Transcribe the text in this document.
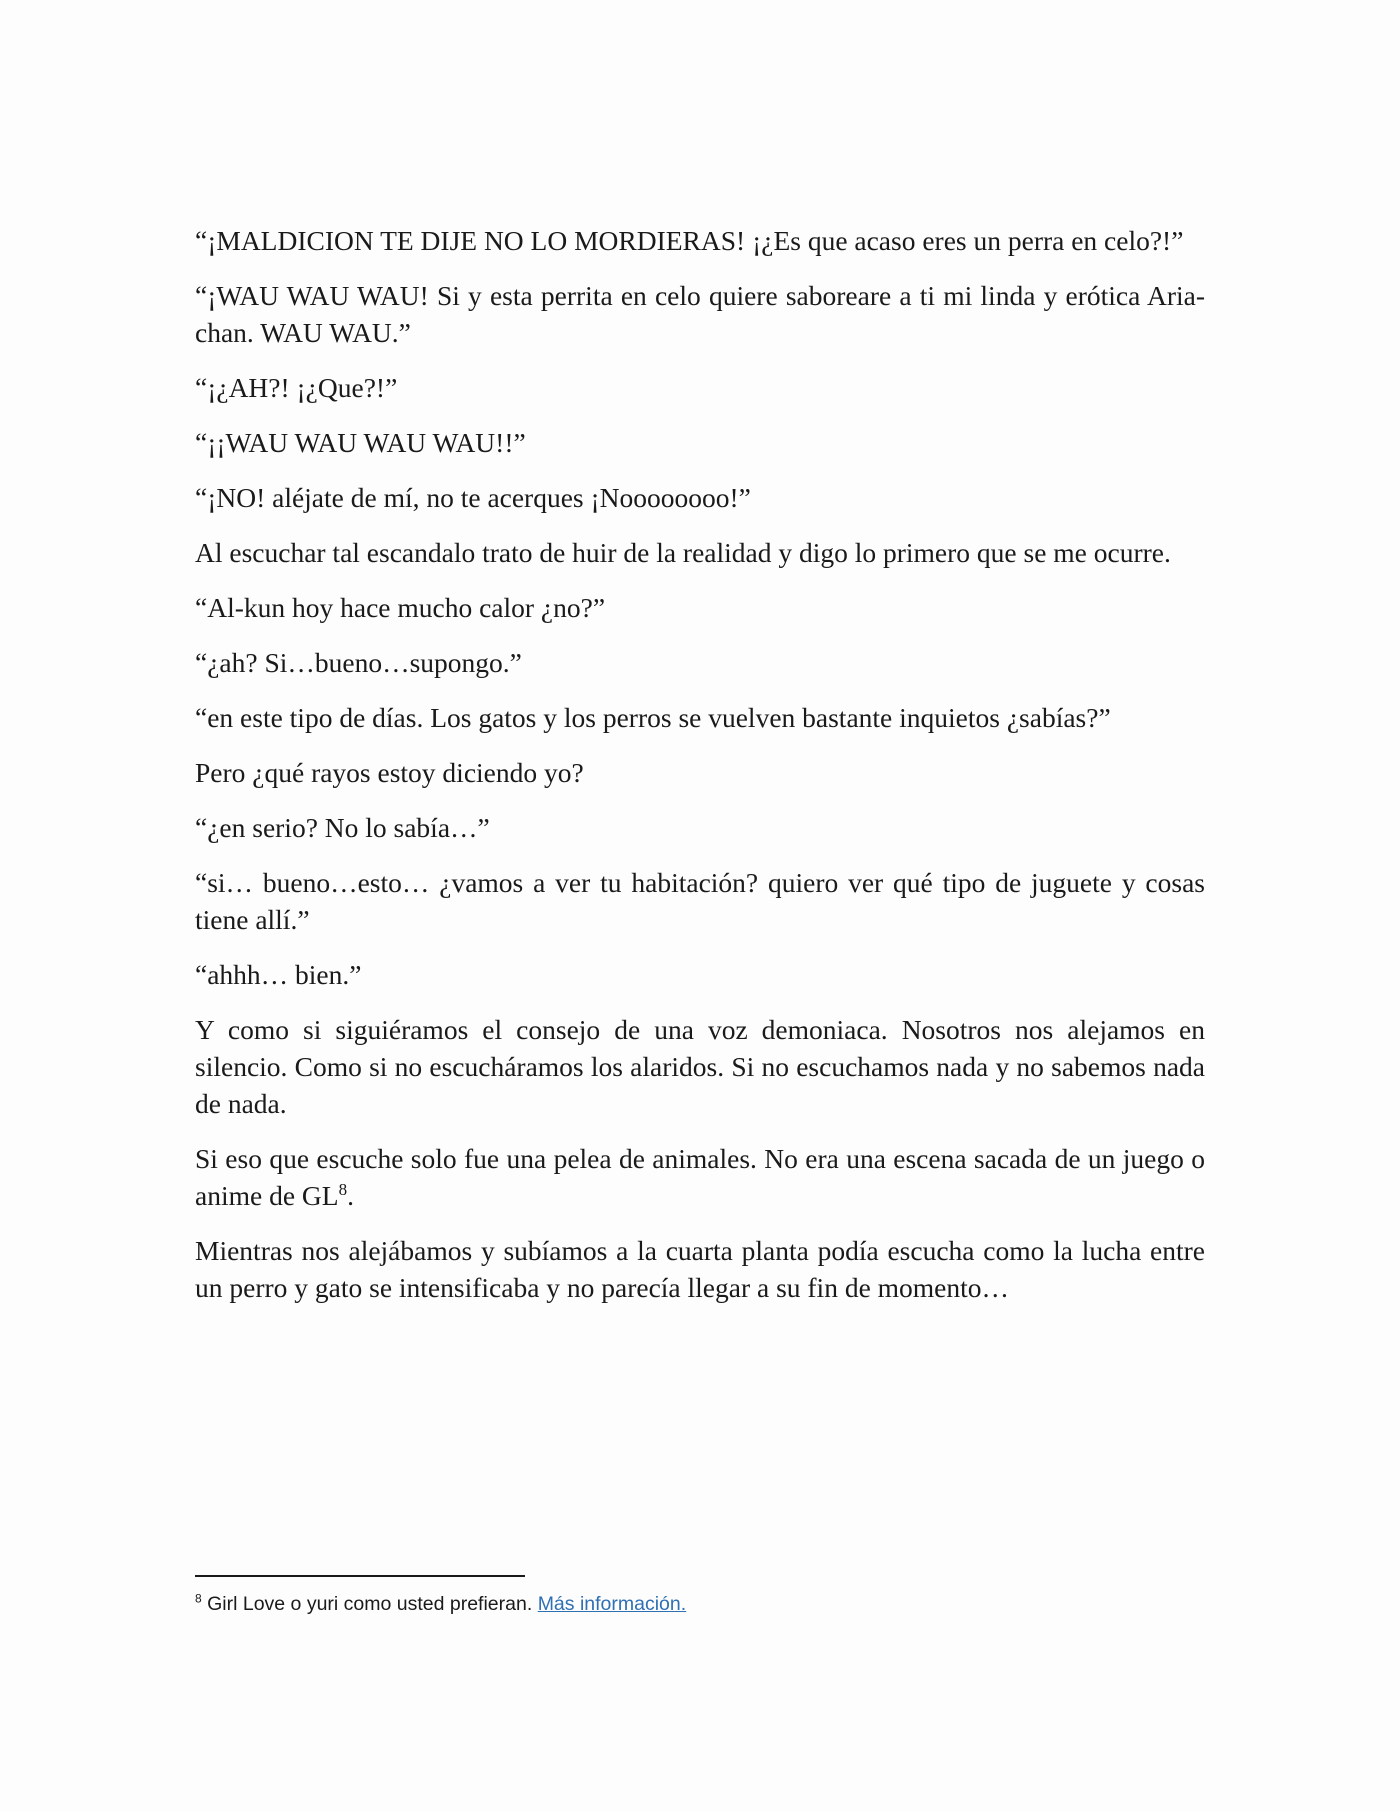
“¡MALDICION TE DIJE NO LO MORDIERAS! ¡¿Es que acaso eres un perra en celo?!”

“¡WAU WAU WAU! Si y esta perrita en celo quiere saboreare a ti mi linda y erótica Aria-chan. WAU WAU.”

“¡¿AH?! ¡¿Que?!”

“¡¡WAU WAU WAU WAU!!”

“¡NO! aléjate de mí, no te acerques ¡Noooooooo!”

Al escuchar tal escandalo trato de huir de la realidad y digo lo primero que se me ocurre.

“Al-kun hoy hace mucho calor ¿no?”

“¿ah? Si…bueno…supongo.”

“en este tipo de días. Los gatos y los perros se vuelven bastante inquietos ¿sabías?”

Pero ¿qué rayos estoy diciendo yo?

“¿en serio? No lo sabía…”

“si… bueno…esto… ¿vamos a ver tu habitación? quiero ver qué tipo de juguete y cosas tiene allí.”

“ahhh… bien.”

Y como si siguiéramos el consejo de una voz demoniaca. Nosotros nos alejamos en silencio. Como si no escucháramos los alaridos. Si no escuchamos nada y no sabemos nada de nada.

Si eso que escuche solo fue una pelea de animales. No era una escena sacada de un juego o anime de $GL^8$.

Mientras nos alejábamos y subíamos a la cuarta planta podía escucha como la lucha entre un perro y gato se intensificaba y no parecía llegar a su fin de momento…

$^8$ Girl Love o yuri como usted prefieran. Más información.
